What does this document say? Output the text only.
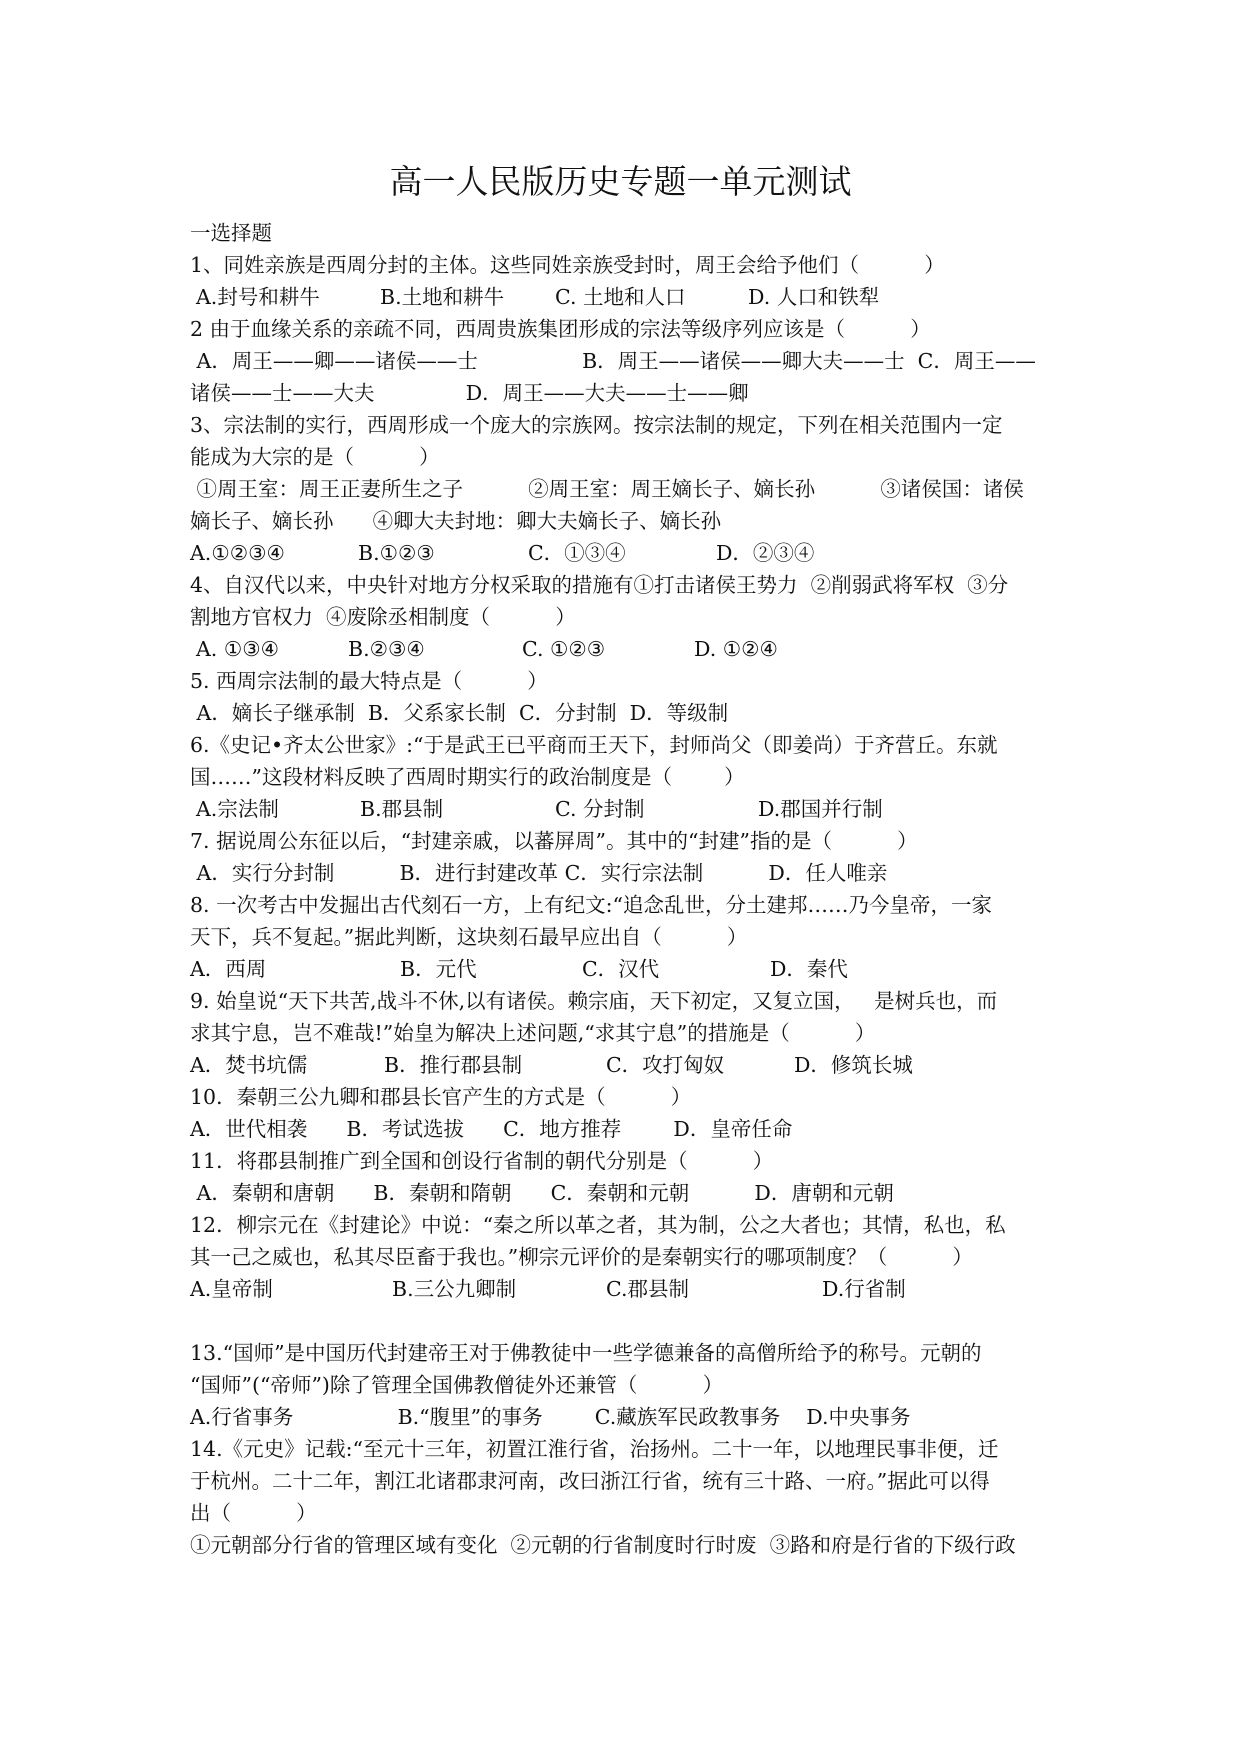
高一人民版历史专题一单元测试
一选择题
1、同姓亲族是西周分封的主体。这些同姓亲族受封时，周王会给予他们（          ）
A.封号和耕牛	B.土地和耕牛 C. 土地和人口	D. 人口和铁犁
2 由于血缘关系的亲疏不同，西周贵族集团形成的宗法等级序列应该是（          ）
A．周王——卿——诸侯——士                B．周王——诸侯——卿大夫——士  C．周王——
诸侯——士——大夫              D．周王——大夫——士——卿
3、宗法制的实行，西周形成一个庞大的宗族网。按宗法制的规定，下列在相关范围内一定
能成为大宗的是（          ）
①周王室：周王正妻所生之子          ②周王室：周王嫡长子、嫡长孙          ③诸侯国：诸侯
嫡长子、嫡长孙      ④卿大夫封地：卿大夫嫡长子、嫡长孙
A.①②③④	B.①②③	C．①③④	D．②③④
4、自汉代以来，中央针对地方分权采取的措施有①打击诸侯王势力  ②削弱武将军权  ③分
割地方官权力  ④废除丞相制度（          ）
A. ①③④	B.②③④	C. ①②③	D. ①②④
5. 西周宗法制的最大特点是（          ）
A．嫡长子继承制  B．父系家长制  C．分封制  D．等级制
6.《史记•齐太公世家》:“于是武王已平商而王天下，封师尚父（即姜尚）于齐营丘。东就
国……”这段材料反映了西周时期实行的政治制度是（        ）
A.宗法制	B.郡县制	C. 分封制	D.郡国并行制
7. 据说周公东征以后，“封建亲戚，以蕃屏周”。其中的“封建”指的是（          ）
A．实行分封制          B．进行封建改革 C．实行宗法制          D．任人唯亲
8. 一次考古中发掘出古代刻石一方，上有纪文:“追念乱世，分土建邦……乃今皇帝，一家
天下，兵不复起。”据此判断，这块刻石最早应出自（          ）
A．西周	B．元代	C．汉代	D．秦代
9. 始皇说“天下共苦,战斗不休,以有诸侯。赖宗庙，天下初定，又复立国，   是树兵也，而
求其宁息，岂不难哉!”始皇为解决上述问题,“求其宁息”的措施是（          ）
A．焚书坑儒	B．推行郡县制	C．攻打匈奴	D．修筑长城
10．秦朝三公九卿和郡县长官产生的方式是（          ）
A．世代相袭      B．考试选拔      C．地方推荐        D．皇帝任命
11．将郡县制推广到全国和创设行省制的朝代分别是（          ）
A．秦朝和唐朝      B．秦朝和隋朝      C．秦朝和元朝          D．唐朝和元朝
12．柳宗元在《封建论》中说：“秦之所以革之者，其为制，公之大者也；其情，私也，私
其一己之威也，私其尽臣畜于我也。”柳宗元评价的是秦朝实行的哪项制度？（          ）
A.皇帝制	B.三公九卿制	C.郡县制	D.行省制
13.“国师”是中国历代封建帝王对于佛教徒中一些学德兼备的高僧所给予的称号。元朝的
“国师”(“帝师”)除了管理全国佛教僧徒外还兼管（          ）
A.行省事务                B.“腹里”的事务        C.藏族军民政教事务    D.中央事务
14.《元史》记载:“至元十三年，初置江淮行省，治扬州。二十一年，以地理民事非便，迁
于杭州。二十二年，割江北诸郡隶河南，改曰浙江行省，统有三十路、一府。”据此可以得
出（          ）
①元朝部分行省的管理区域有变化  ②元朝的行省制度时行时废  ③路和府是行省的下级行政
